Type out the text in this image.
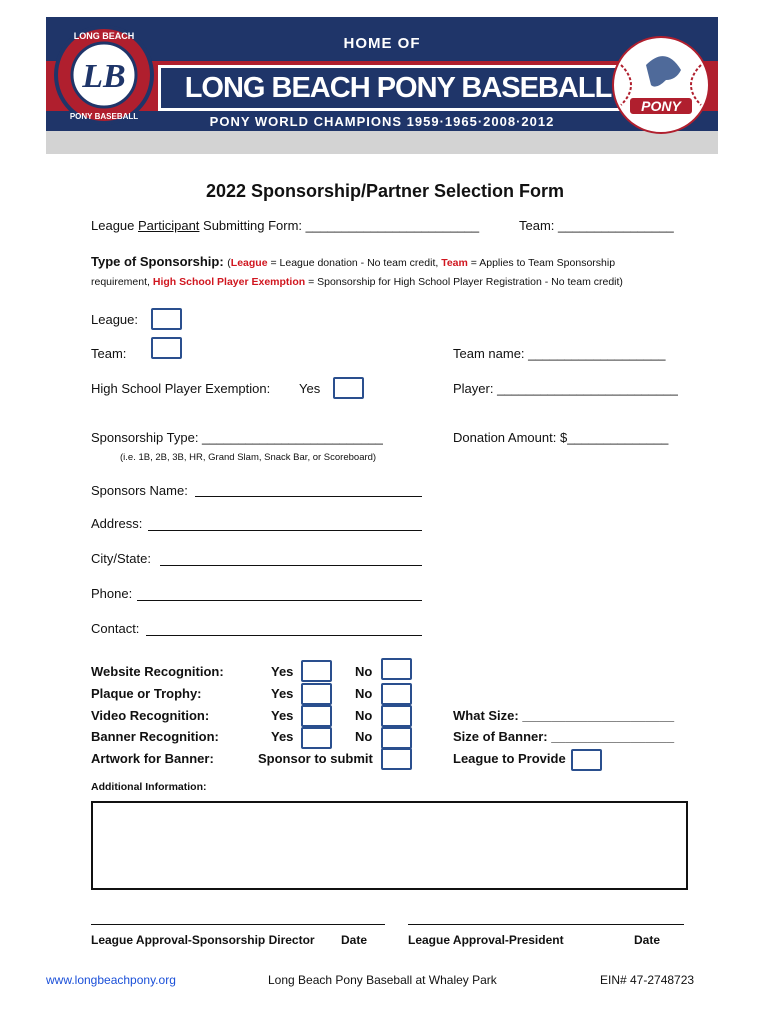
HOME OF
LONG BEACH PONY BASEBALL
PONY WORLD CHAMPIONS 1959·1965·2008·2012
LB
LONG BEACH
PONY BASEBALL
PONY
2022 Sponsorship/Partner Selection Form
League Participant Submitting Form: ________________________	Team: ________________
Type of Sponsorship: (League = League donation - No team credit, Team = Applies to Team Sponsorship
requirement, High School Player Exemption = Sponsorship for High School Player Registration - No team credit)
League:
Team:	Team name: ___________________
High School Player Exemption: Yes	Player: _________________________
Sponsorship Type: _________________________	Donation Amount: $______________
(i.e. 1B, 2B, 3B, HR, Grand Slam, Snack Bar, or Scoreboard)
Sponsors Name:
Address:
City/State:
Phone:
Contact:
Website Recognition:	Yes	No
Plaque or Trophy:	Yes	No
Video Recognition:	Yes	No	What Size: _____________________
Banner Recognition:	Yes	No	Size of Banner: _________________
Artwork for Banner:	Sponsor to submit	League to Provide
Additional Information:
League Approval-Sponsorship Director Date	League Approval-President	Date
www.longbeachpony.org	Long Beach Pony Baseball at Whaley Park	EIN# 47-2748723
